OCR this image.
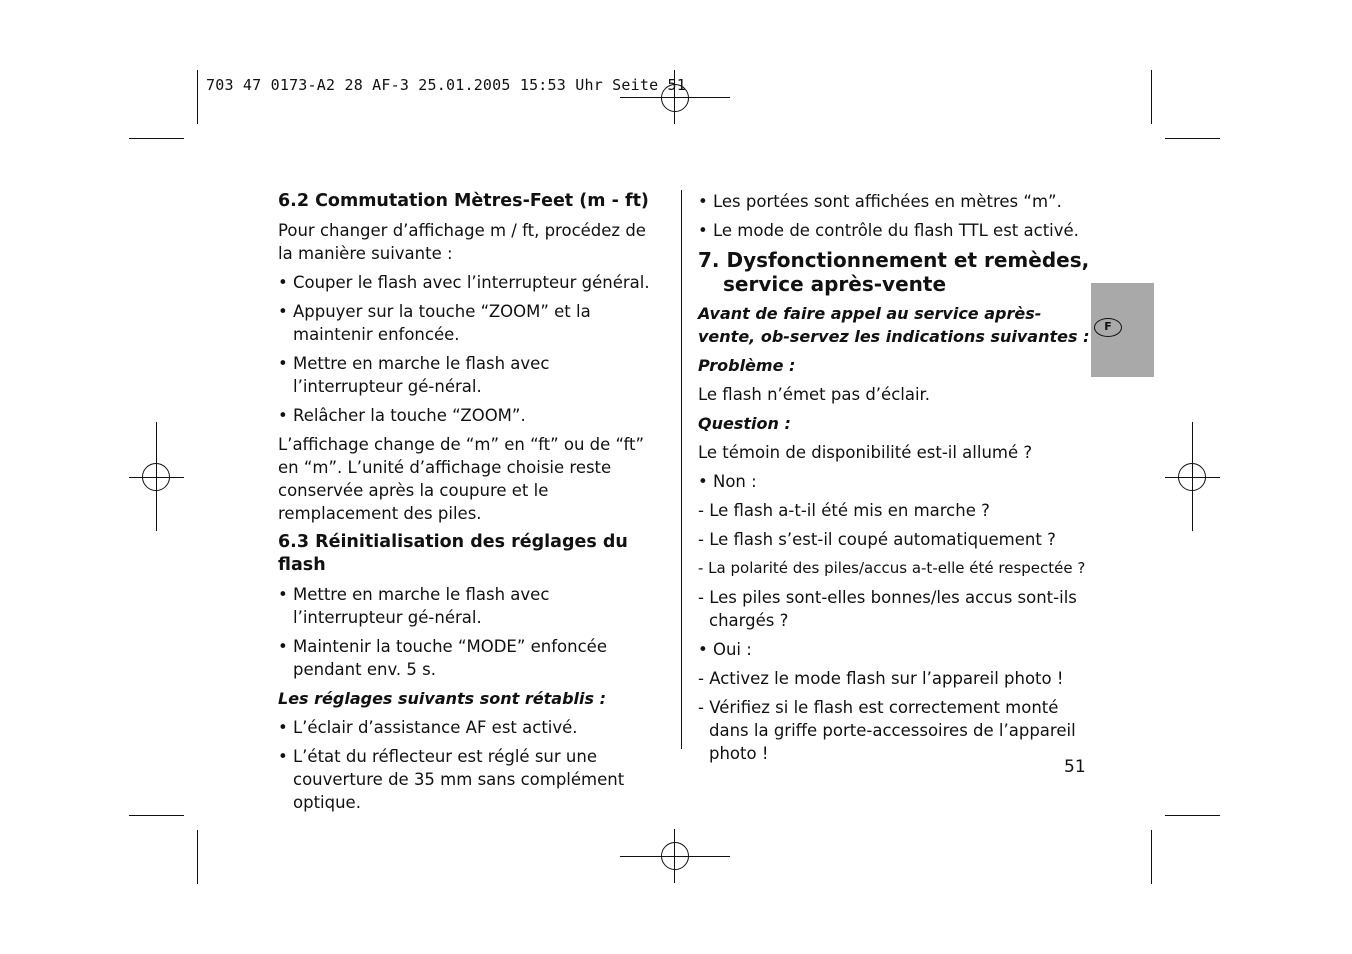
703 47 0173-A2 28 AF-3 25.01.2005 15:53 Uhr Seite 51
6.2 Commutation Mètres-Feet (m - ft)
Pour changer d’affichage m / ft, procédez de la manière suivante :
• Couper le flash avec l’interrupteur général.
• Appuyer sur la touche “ZOOM” et la maintenir enfoncée.
• Mettre en marche le flash avec l’interrupteur gé-néral.
• Relâcher la touche “ZOOM”.
L’affichage change de “m” en “ft” ou de “ft” en “m”. L’unité d’affichage choisie reste conservée après la coupure et le remplacement des piles.
6.3 Réinitialisation des réglages du flash
• Mettre en marche le flash avec l’interrupteur gé-néral.
• Maintenir la touche “MODE” enfoncée pendant env. 5 s.
Les réglages suivants sont rétablis :
• L’éclair d’assistance AF est activé.
• L’état du réflecteur est réglé sur une couverture de 35 mm sans complément optique.
• Les portées sont affichées en mètres “m”.
• Le mode de contrôle du flash TTL est activé.
7. Dysfonctionnement et remèdes, service après-vente
Avant de faire appel au service après-vente, ob-servez les indications suivantes :
Problème :
Le flash n’émet pas d’éclair.
Question :
Le témoin de disponibilité est-il allumé ?
• Non :
- Le flash a-t-il été mis en marche ?
- Le flash s’est-il coupé automatiquement ?
- La polarité des piles/accus a-t-elle été respectée ?
- Les piles sont-elles bonnes/les accus sont-ils chargés ?
• Oui :
- Activez le mode flash sur l’appareil photo !
- Vérifiez si le flash est correctement monté dans la griffe porte-accessoires de l’appareil photo !
F
51
